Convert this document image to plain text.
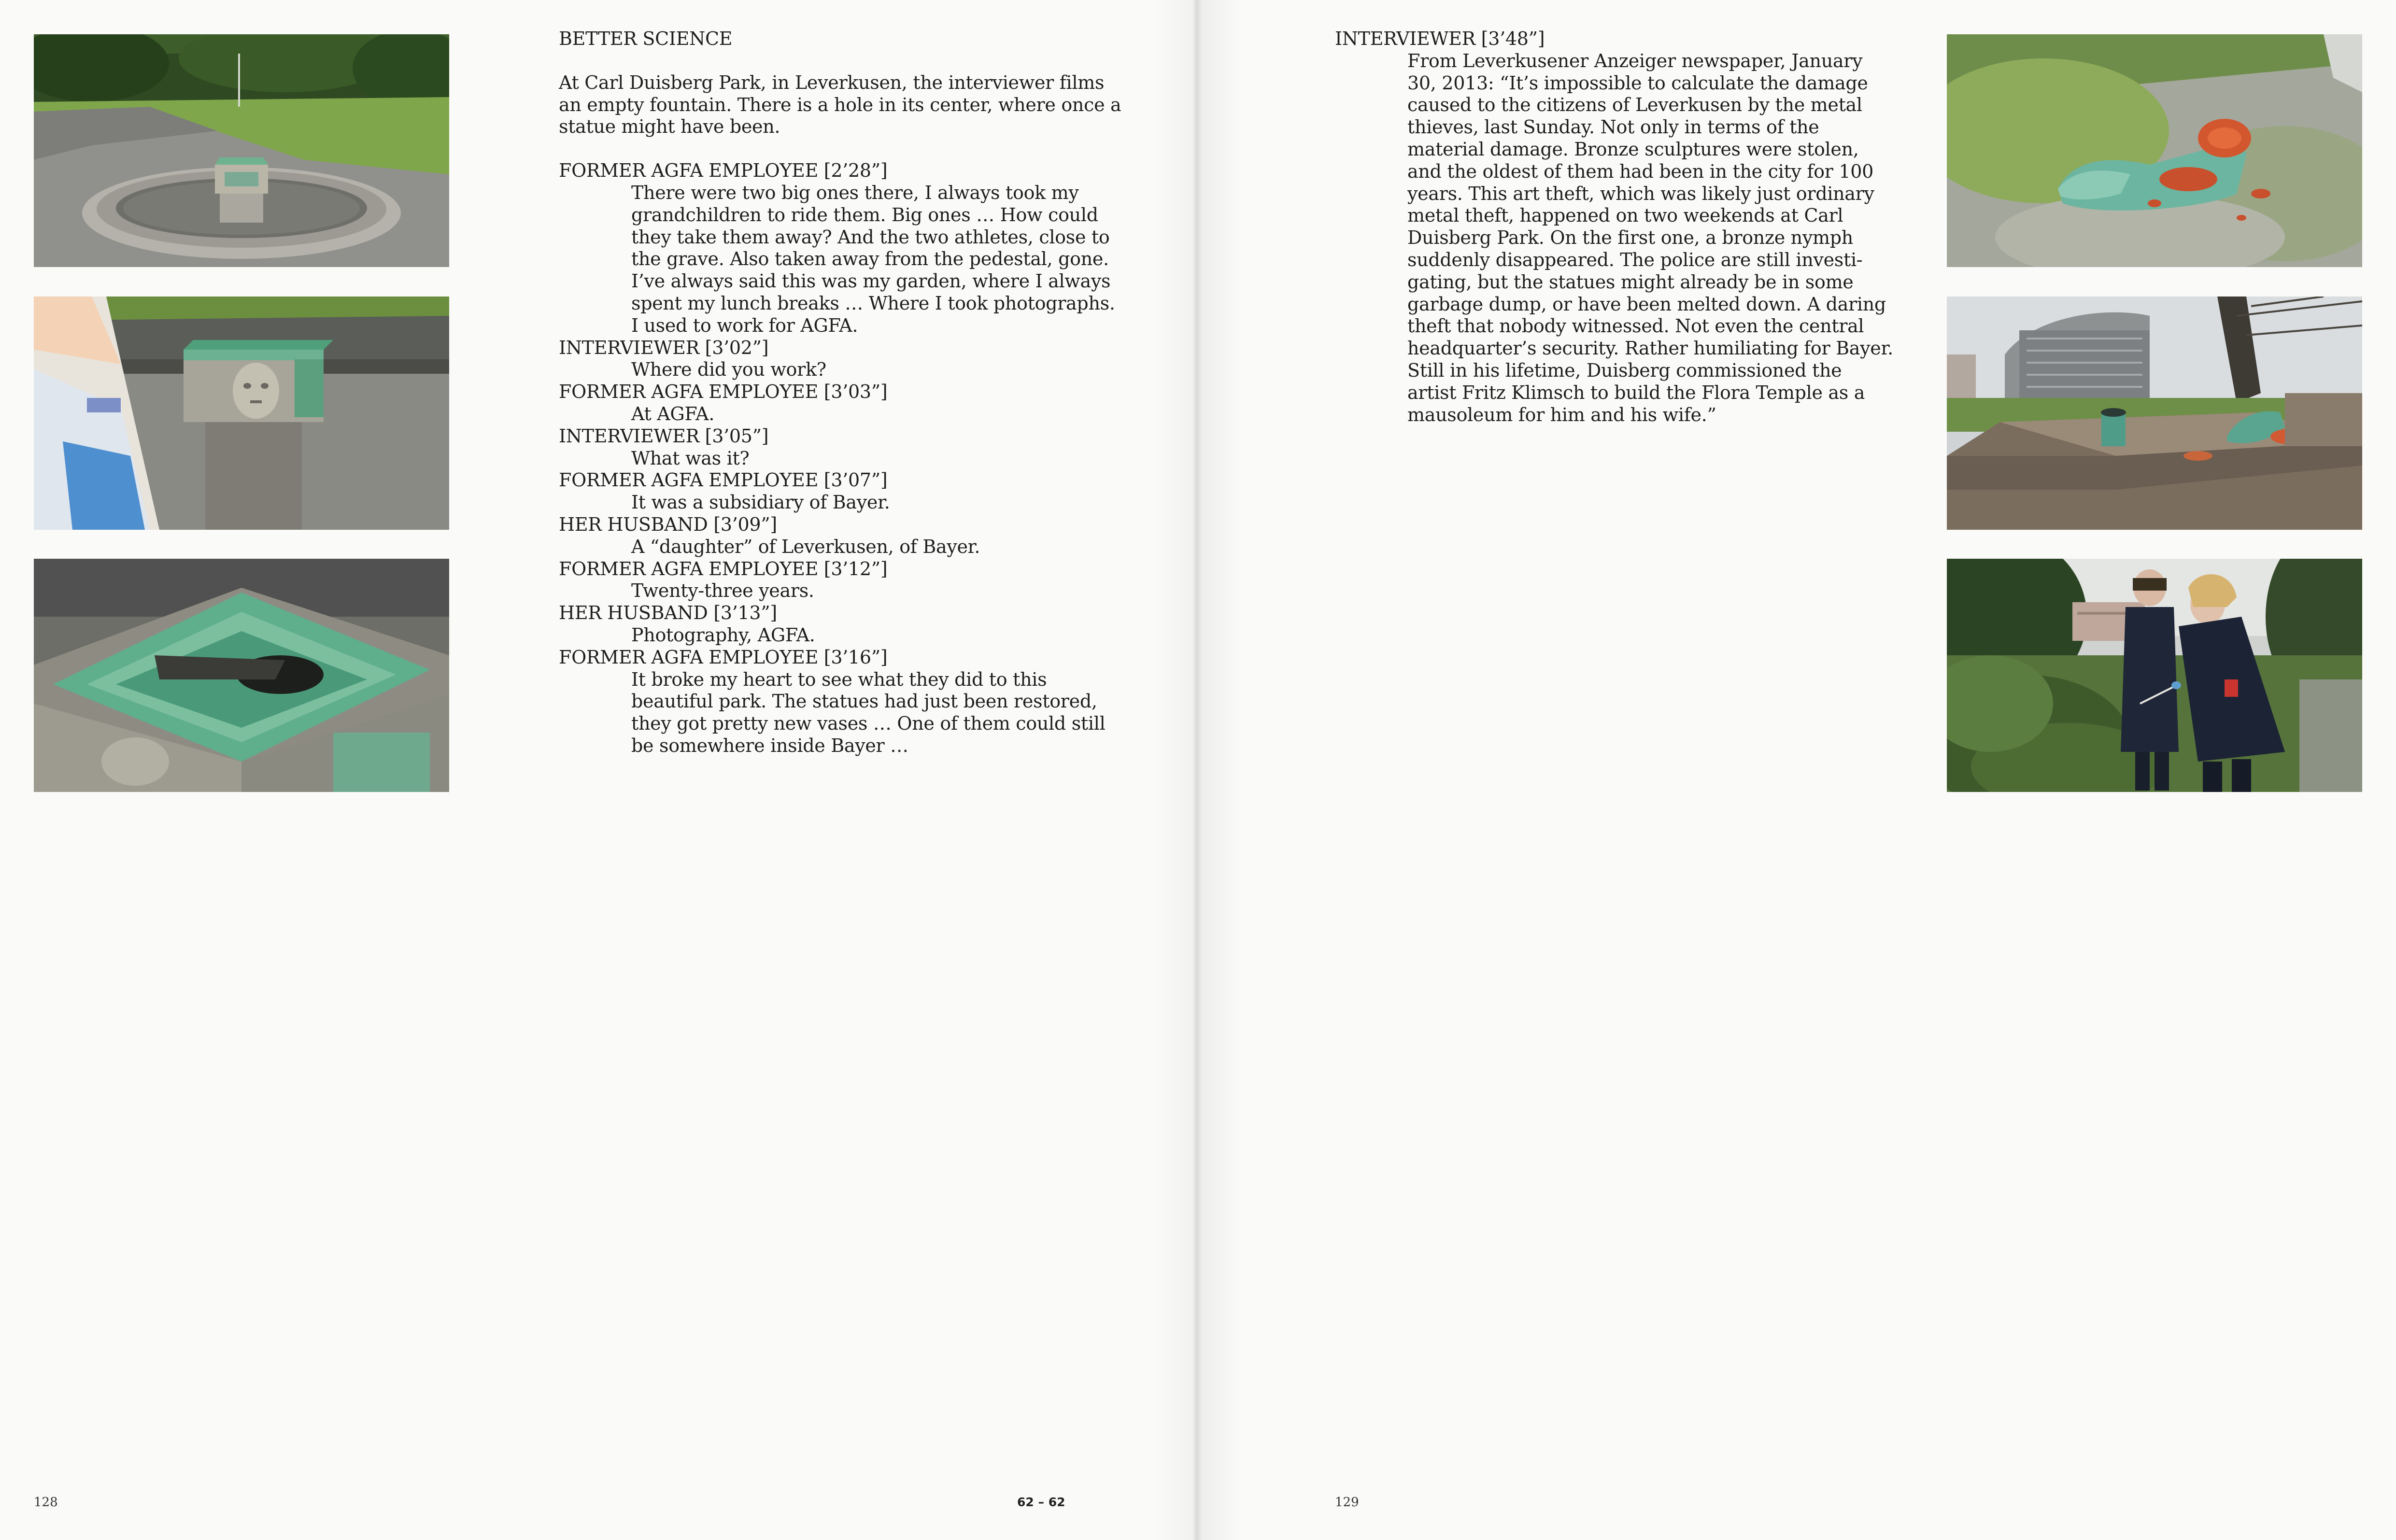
BETTER SCIENCE

At Carl Duisberg Park, in Leverkusen, the interviewer films

an empty fountain. There is a hole in its center, where once a

statue might have been.

FORMER AGFA EMPLOYEE [2’28”]

There were two big ones there, I always took my

grandchildren to ride them. Big ones … How could

they take them away? And the two athletes, close to

the grave. Also taken away from the pedestal, gone.

I’ve always said this was my garden, where I always

spent my lunch breaks … Where I took photographs.

I used to work for AGFA.

INTERVIEWER [3’02”]

Where did you work?

FORMER AGFA EMPLOYEE [3’03”]

At AGFA.

INTERVIEWER [3’05”]

What was it?

FORMER AGFA EMPLOYEE [3’07”]

It was a subsidiary of Bayer.

HER HUSBAND [3’09”]

A “daughter” of Leverkusen, of Bayer.

FORMER AGFA EMPLOYEE [3’12”]

Twenty-three years.

HER HUSBAND [3’13”]

Photography, AGFA.

FORMER AGFA EMPLOYEE [3’16”]

It broke my heart to see what they did to this

beautiful park. The statues had just been restored,

they got pretty new vases … One of them could still

be somewhere inside Bayer …

128	62 – 62

INTERVIEWER [3’48”]

From Leverkusener Anzeiger newspaper, January

30, 2013: “It’s impossible to calculate the damage

caused to the citizens of Leverkusen by the metal

thieves, last Sunday. Not only in terms of the

material damage. Bronze sculptures were stolen,

and the oldest of them had been in the city for 100

years. This art theft, which was likely just ordinary

metal theft, happened on two weekends at Carl

Duisberg Park. On the first one, a bronze nymph

suddenly disappeared. The police are still investi-

gating, but the statues might already be in some

garbage dump, or have been melted down. A daring

theft that nobody witnessed. Not even the central

headquarter’s security. Rather humiliating for Bayer.

Still in his lifetime, Duisberg commissioned the

artist Fritz Klimsch to build the Flora Temple as a

mausoleum for him and his wife.”

129
